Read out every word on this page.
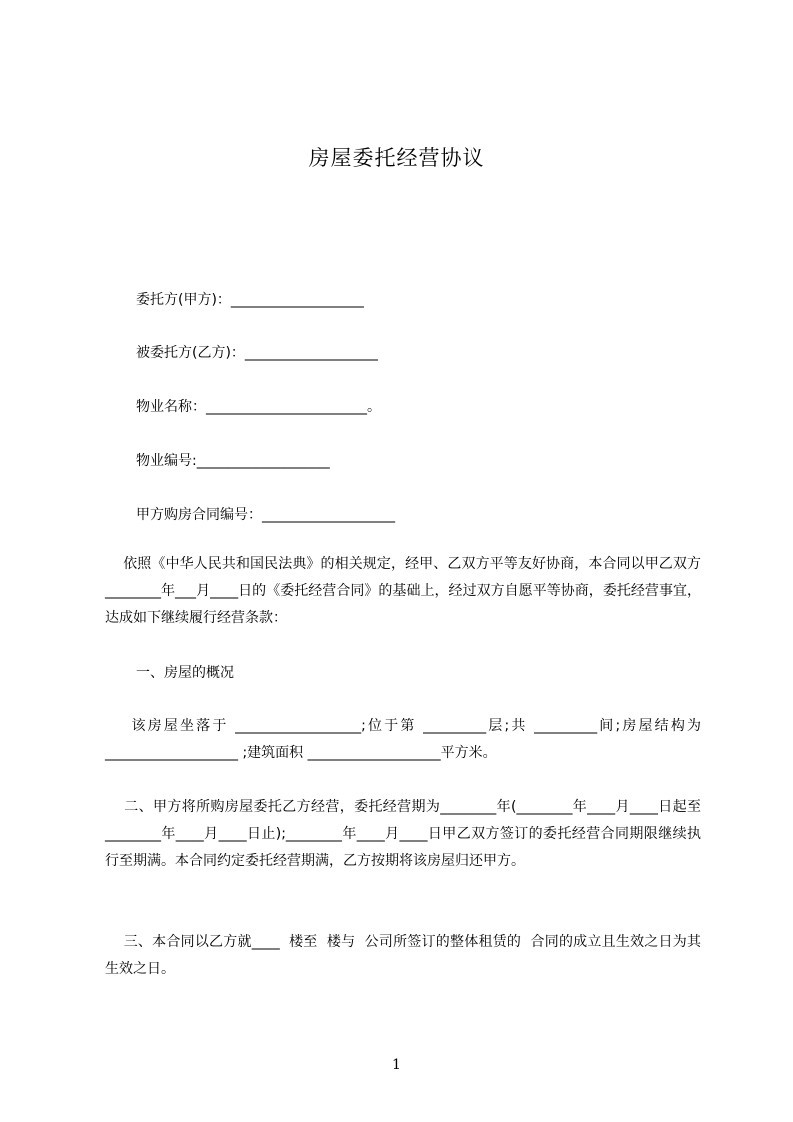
房屋委托经营协议
委托方(甲方)：___________________
被委托方(乙方)：___________________
物业名称：_______________________。
物业编号:___________________
甲方购房合同编号：___________________
依照《中华人民共和国民法典》的相关规定，经甲、乙双方平等友好协商，本合同以甲乙双方________年___月____日的《委托经营合同》的基础上，经过双方自愿平等协商，委托经营事宜，达成如下继续履行经营条款：
一、房屋的概况
该房屋坐落于 __________________;位于第 _________层;共 _________间;房屋结构为___________________ ;建筑面积 ___________________平方米。
二、甲方将所购房屋委托乙方经营，委托经营期为________年(________年____月____日起至________年____月____日止);________年____月____日甲乙双方签订的委托经营合同期限继续执行至期满。本合同约定委托经营期满，乙方按期将该房屋归还甲方。
三、本合同以乙方就____  楼至  楼与  公司所签订的整体租赁的  合同的成立且生效之日为其生效之日。
1
